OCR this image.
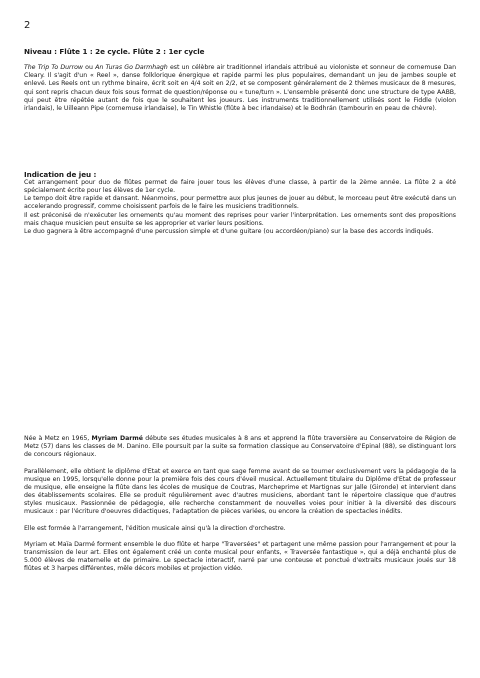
2

Niveau : Flûte 1 : 2e cycle. Flûte 2 : 1er cycle

The Trip To Durrow ou An Turas Go Darmhagh est un célèbre air traditionnel irlandais attribué au violoniste et sonneur de cornemuse Dan Cleary. Il s'agit d'un « Reel », danse folklorique énergique et rapide parmi les plus populaires, demandant un jeu de jambes souple et enlevé. Les Reels ont un rythme binaire, écrit soit en 4/4 soit en 2/2, et se composent généralement de 2 thèmes musicaux de 8 mesures, qui sont repris chacun deux fois sous format de question/réponse ou « tune/turn ». L'ensemble présenté donc une structure de type AABB, qui peut être répétée autant de fois que le souhaitent les joueurs. Les instruments traditionnellement utilisés sont le Fiddle (violon irlandais), le Uilleann Pipe (cornemuse irlandaise), le Tin Whistle (flûte à bec irlandaise) et le Bodhrán (tambourin en peau de chèvre).

Indication de jeu :

Cet arrangement pour duo de flûtes permet de faire jouer tous les élèves d'une classe, à partir de la 2ème année. La flûte 2 a été spécialement écrite pour les élèves de 1er cycle.

Le tempo doit être rapide et dansant. Néanmoins, pour permettre aux plus jeunes de jouer au début, le morceau peut être exécuté dans un accelerando progressif, comme choisissent parfois de le faire les musiciens traditionnels.

Il est préconisé de n'exécuter les ornements qu'au moment des reprises pour varier l'interprétation. Les ornements sont des propositions mais chaque musicien peut ensuite se les approprier et varier leurs positions.

Le duo gagnera à être accompagné d'une percussion simple et d'une guitare (ou accordéon/piano) sur la base des accords indiqués.

Née à Metz en 1965, Myriam Darmé débute ses études musicales à 8 ans et apprend la flûte traversière au Conservatoire de Région de Metz (57) dans les classes de M. Danino. Elle poursuit par la suite sa formation classique au Conservatoire d'Epinal (88), se distinguant lors de concours régionaux.

Parallèlement, elle obtient le diplôme d'Etat et exerce en tant que sage femme avant de se tourner exclusivement vers la pédagogie de la musique en 1995, lorsqu'elle donne pour la première fois des cours d'éveil musical. Actuellement titulaire du Diplôme d'Etat de professeur de musique, elle enseigne la flûte dans les écoles de musique de Coutras, Marcheprime et Martignas sur Jalle (Gironde) et intervient dans des établissements scolaires. Elle se produit régulièrement avec d'autres musiciens, abordant tant le répertoire classique que d'autres styles musicaux. Passionnée de pédagogie, elle recherche constamment de nouvelles voies pour initier à la diversité des discours musicaux : par l'écriture d'oeuvres didactiques, l'adaptation de pièces variées, ou encore la création de spectacles inédits.

Elle est formée à l'arrangement, l'édition musicale ainsi qu'à la direction d'orchestre.

Myriam et Maïa Darmé forment ensemble le duo flûte et harpe "Traversées" et partagent une même passion pour l'arrangement et pour la transmission de leur art. Elles ont également créé un conte musical pour enfants, « Traversée fantastique », qui a déjà enchanté plus de 5.000 élèves de maternelle et de primaire. Le spectacle interactif, narré par une conteuse et ponctué d'extraits musicaux joués sur 18 flûtes et 3 harpes différentes, mêle décors mobiles et projection vidéo.
